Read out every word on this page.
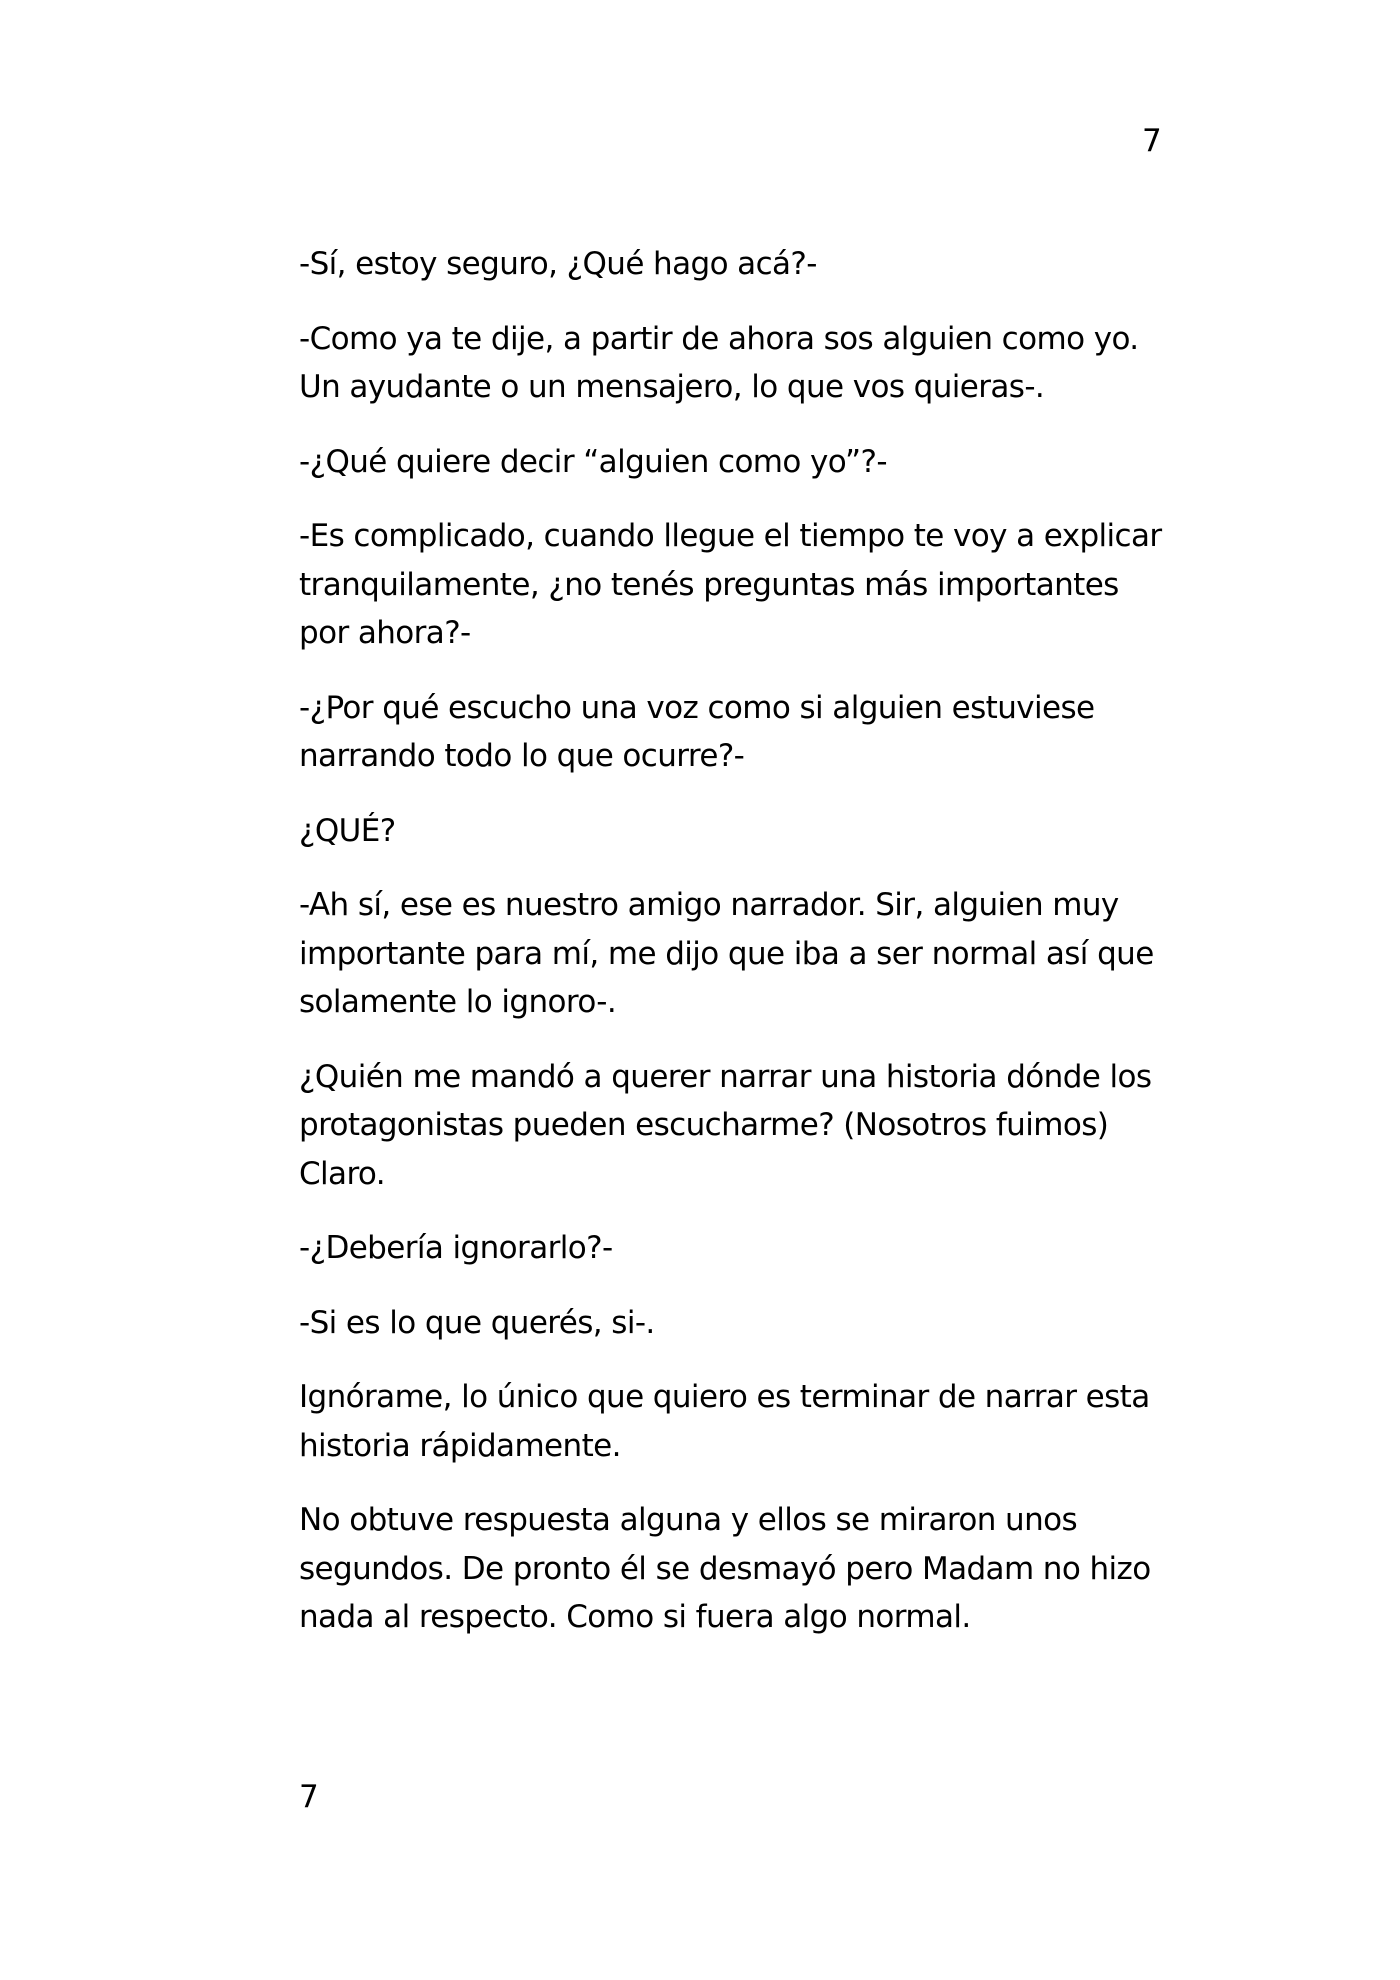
7

-Sí, estoy seguro, ¿Qué hago acá?-

-Como ya te dije, a partir de ahora sos alguien como yo.
Un ayudante o un mensajero, lo que vos quieras-.

-¿Qué quiere decir “alguien como yo”?-

-Es complicado, cuando llegue el tiempo te voy a explicar
tranquilamente, ¿no tenés preguntas más importantes
por ahora?-

-¿Por qué escucho una voz como si alguien estuviese
narrando todo lo que ocurre?-

¿QUÉ?

-Ah sí, ese es nuestro amigo narrador. Sir, alguien muy
importante para mí, me dijo que iba a ser normal así que
solamente lo ignoro-.

¿Quién me mandó a querer narrar una historia dónde los
protagonistas pueden escucharme? (Nosotros fuimos)
Claro.

-¿Debería ignorarlo?-

-Si es lo que querés, si-.

Ignórame, lo único que quiero es terminar de narrar esta
historia rápidamente.

No obtuve respuesta alguna y ellos se miraron unos
segundos. De pronto él se desmayó pero Madam no hizo
nada al respecto. Como si fuera algo normal.

7
